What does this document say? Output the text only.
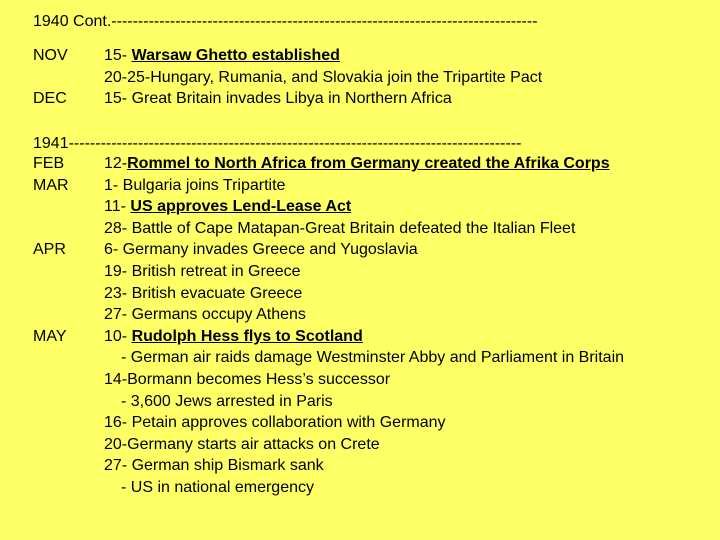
1940 Cont.--------------------------------------------------------------------------------
NOV 15- Warsaw Ghetto established
20-25-Hungary, Rumania, and Slovakia join the Tripartite Pact
DEC 15- Great Britain invades Libya in Northern Africa
1941-------------------------------------------------------------------------------------
FEB 12-Rommel to North Africa from Germany created the Afrika Corps
MAR 1- Bulgaria joins Tripartite
11- US approves Lend-Lease Act
28- Battle of Cape Matapan-Great Britain defeated the Italian Fleet
APR 6- Germany invades Greece and Yugoslavia
19- British retreat in Greece
23- British evacuate Greece
27- Germans occupy Athens
MAY 10- Rudolph Hess flys to Scotland
- German air raids damage Westminster Abby and Parliament in Britain
14-Bormann becomes Hess’s successor
- 3,600 Jews arrested in Paris
16- Petain approves collaboration with Germany
20-Germany starts air attacks on Crete
27- German ship Bismark sank
- US in national emergency
